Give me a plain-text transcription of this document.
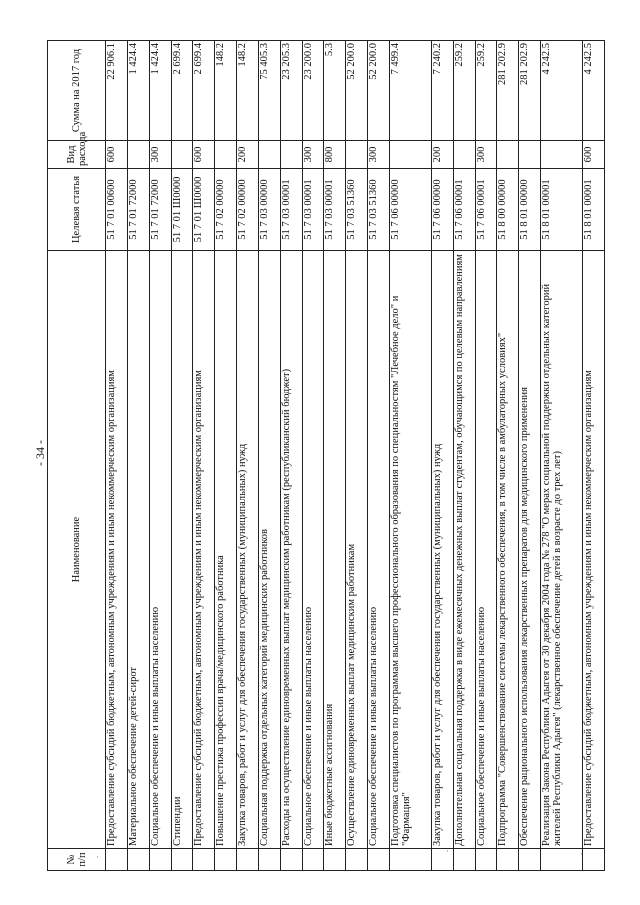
- 34 -
·
·	·
№ п/п	Наименование	Целевая статья	Вид расхода	Сумма на 2017 год
	Предоставление субсидий бюджетным, автономным учреждениям и иным некоммерческим организациям	51 7 01 00600	600	22 906.1
	Материальное обеспечение детей-сирот	51 7 01 72000		1 424.4
	Социальное обеспечение и иные выплаты населению	51 7 01 72000	300	1 424.4
	Стипендии	51 7 01 Ш0000		2 699.4
	Предоставление субсидий бюджетным, автономным учреждениям и иным некоммерческим организациям	51 7 01 Ш0000	600	2 699.4
	Повышение престижа профессии врача/медицинского работника	51 7 02 00000		148.2
	Закупка товаров, работ и услуг для обеспечения государственных (муниципальных) нужд	51 7 02 00000	200	148.2
	Социальная поддержка отдельных категорий медицинских работников	51 7 03 00000		75 405.3
	Расходы на осуществление единовременных выплат медицинским работникам (республиканский бюджет)	51 7 03 00001		23 205.3
	Социальное обеспечение и иные выплаты населению	51 7 03 00001	300	23 200.0
	Иные бюджетные ассигнования	51 7 03 00001	800	5.3
	Осуществление единовременных выплат медицинским работникам	51 7 03 51360		52 200.0
	Социальное обеспечение и иные выплаты населению	51 7 03 51360	300	52 200.0
	Подготовка специалистов по программам высшего профессионального образования по специальностям "Лечебное дело" и "Фармация"	51 7 06 00000		7 499.4
	Закупка товаров, работ и услуг для обеспечения государственных (муниципальных) нужд	51 7 06 00000	200	7 240.2
	Дополнительная социальная поддержка в виде ежемесячных денежных выплат студентам, обучающимся по целевым направлениям	51 7 06 00001		259.2
	Социальное обеспечение и иные выплаты населению	51 7 06 00001	300	259.2
	Подпрограмма "Совершенствование системы лекарственного обеспечения, в том числе в амбулаторных условиях"	51 8 00 00000		281 202.9
	Обеспечение рационального использования лекарственных препаратов для медицинского применения	51 8 01 00000		281 202.9
	Реализация Закона Республики Адыгея от 30 декабря 2004 года № 278 "О мерах социальной поддержки отдельных категорий жителей Республики Адыгея" (лекарственное обеспечение детей в возрасте до трех лет)	51 8 01 00001		4 242.5
	Предоставление субсидий бюджетным, автономным учреждениям и иным некоммерческим организациям	51 8 01 00001	600	4 242.5
